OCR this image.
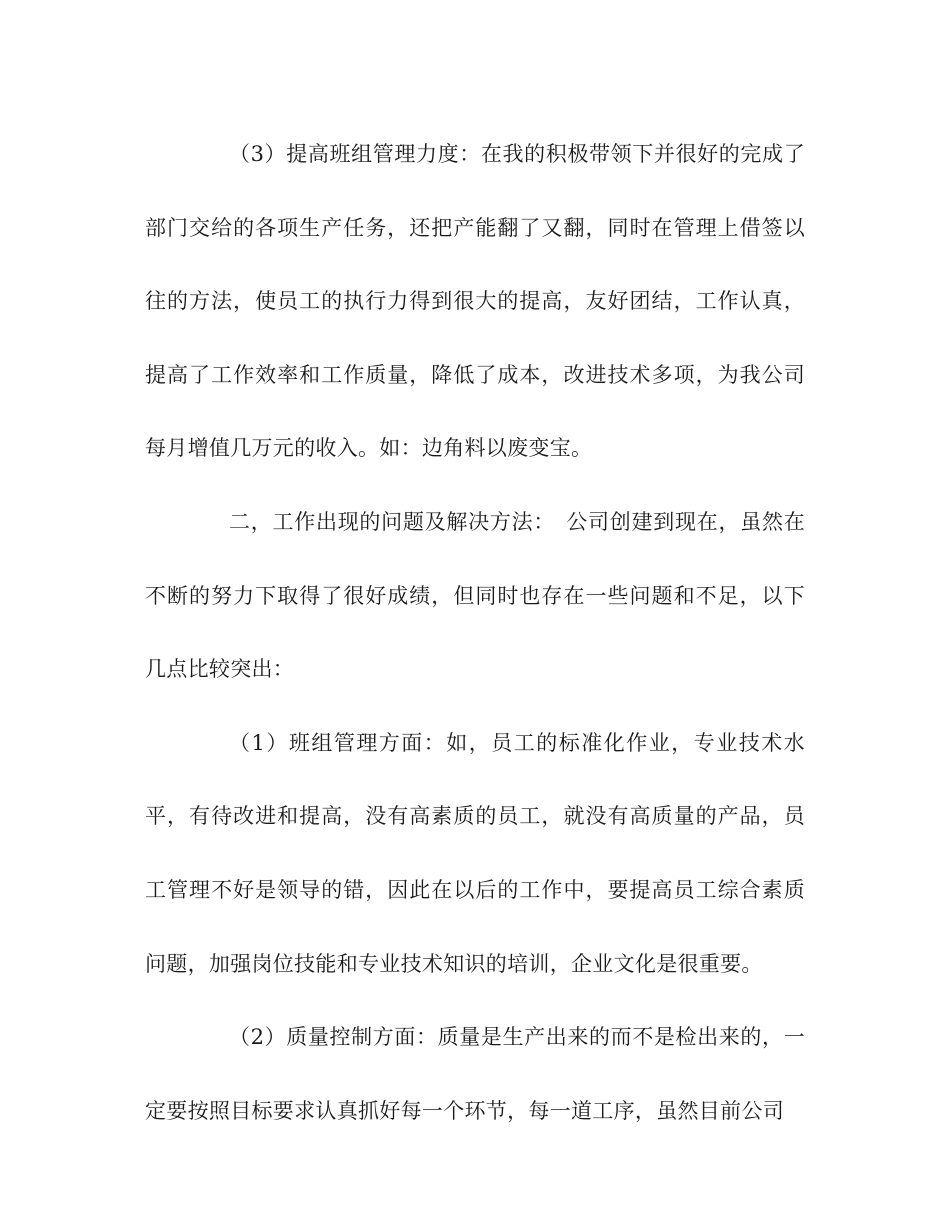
（3）提高班组管理力度：在我的积极带领下并很好的完成了部门交给的各项生产任务，还把产能翻了又翻，同时在管理上借签以往的方法，使员工的执行力得到很大的提高，友好团结，工作认真，提高了工作效率和工作质量，降低了成本，改进技术多项，为我公司每月增值几万元的收入。如：边角料以废变宝。

二，工作出现的问题及解决方法：　公司创建到现在，虽然在不断的努力下取得了很好成绩，但同时也存在一些问题和不足，以下几点比较突出：

（1）班组管理方面：如，员工的标准化作业，专业技术水平，有待改进和提高，没有高素质的员工，就没有高质量的产品，员工管理不好是领导的错，因此在以后的工作中，要提高员工综合素质问题，加强岗位技能和专业技术知识的培训，企业文化是很重要。

（2）质量控制方面：质量是生产出来的而不是检出来的，一定要按照目标要求认真抓好每一个环节，每一道工序，虽然目前公司
